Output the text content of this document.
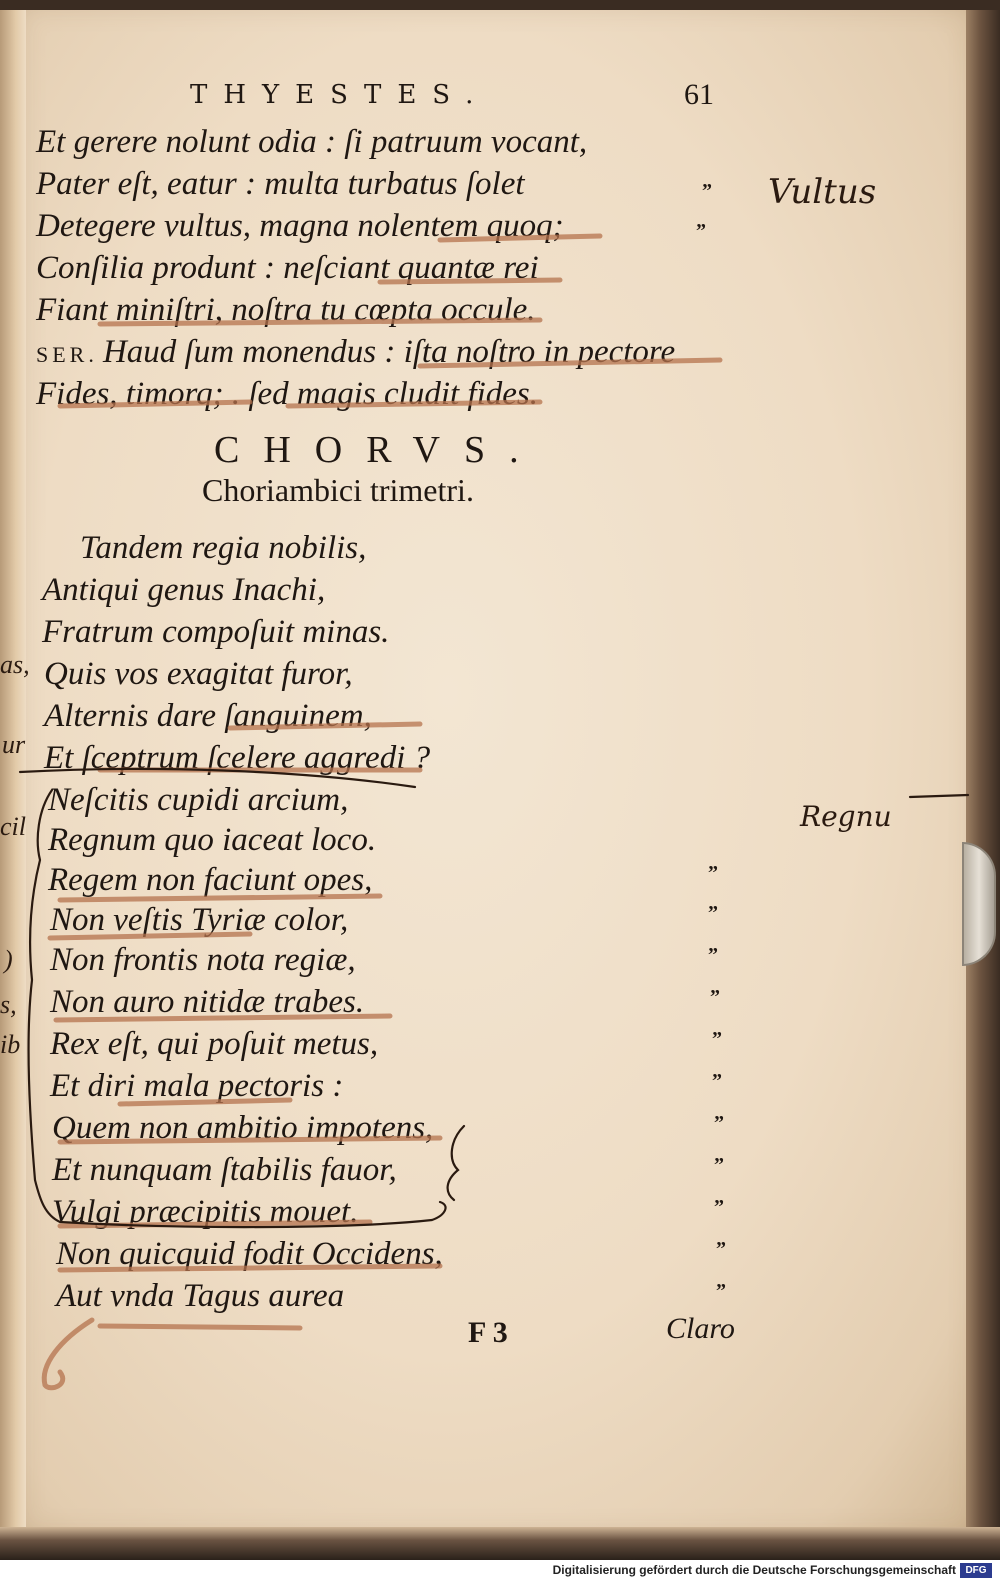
as,
ur
cil
)
s,
ib
THYESTES.	61
Et gerere nolunt odia : ſi patruum vocant,
Pater eſt, eatur : multa turbatus ſolet
Detegere vultus, magna nolentem quoq;
Conſilia produnt : neſciant quantæ rei
Fiant miniſtri, noſtra tu cœpta occule.
SER. Haud ſum monendus : iſta noſtro in pectore
Fides, timorq; . ſed magis cludit fides.
”
”
CHORVS.
Choriambici trimetri.
Tandem regia nobilis,
Antiqui genus Inachi,
Fratrum compoſuit minas.
Quis vos exagitat furor,
Alternis dare ſanguinem,
Et ſceptrum ſcelere aggredi ?
Neſcitis cupidi arcium,
Regnum quo iaceat loco.
Regem non faciunt opes,
Non veſtis Tyriæ color,
Non frontis nota regiæ,
Non auro nitidæ trabes.
Rex eſt, qui poſuit metus,
Et diri mala pectoris :
Quem non ambitio impotens,
Et nunquam ſtabilis fauor,
Vulgi præcipitis mouet.
Non quicquid fodit Occidens,
Aut vnda Tagus aurea
”
”
”
”
”
”
”
”
”
”
”
F 3	Claro
Vultus
Regnu
Digitalisierung gefördert durch die Deutsche Forschungsgemeinschaft DFG
